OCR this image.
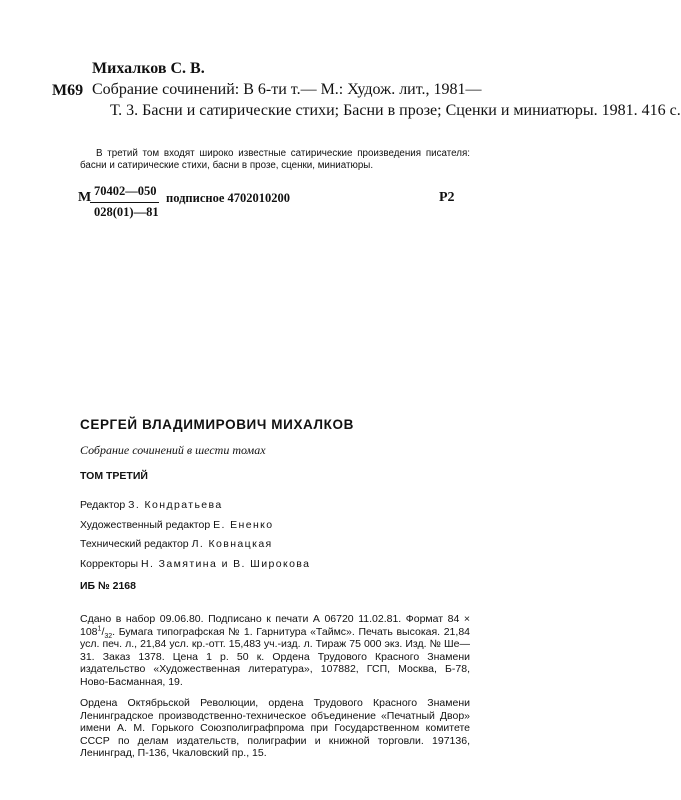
Михалков С. В.
М69 Собрание сочинений: В 6-ти т.— М.: Худож. лит., 1981—

Т. 3. Басни и сатирические стихи; Басни в прозе; Сценки и миниатюры. 1981. 416 с.

В третий том входят широко известные сатирические произведения писателя: басни и сатирические стихи, басни в прозе, сценки, миниатюры.
М
$\frac{70402—050}{028(01)—81}$ подписное 4702010200	Р2
СЕРГЕЙ ВЛАДИМИРОВИЧ МИХАЛКОВ
Собрание сочинений в шести томах
ТОМ ТРЕТИЙ
Редактор З. Кондратьева
Художественный редактор Е. Ененко
Технический редактор Л. Ковнацкая
Корректоры Н. Замятина и В. Широкова
ИБ № 2168
Сдано в набор 09.06.80. Подписано к печати А 06720 11.02.81. Формат $84 \times 108^1/_{32}$. Бумага типографская № 1. Гарнитура «Таймс». Печать высокая. 21,84 усл. печ. л., 21,84 усл. кр.-отт. 15,483 уч.-изд. л. Тираж 75 000 экз. Изд. № Ше—31. Заказ 1378. Цена 1 р. 50 к. Ордена Трудового Красного Знамени издательство «Художественная литература», 107882, ГСП, Москва, Б-78, Ново-Басманная, 19.
Ордена Октябрьской Революции, ордена Трудового Красного Знамени Ленинградское производственно-техническое объединение «Печатный Двор» имени А. М. Горького Союзполиграфпрома при Государственном комитете СССР по делам издательств, полиграфии и книжной торговли. 197136, Ленинград, П-136, Чкаловский пр., 15.
